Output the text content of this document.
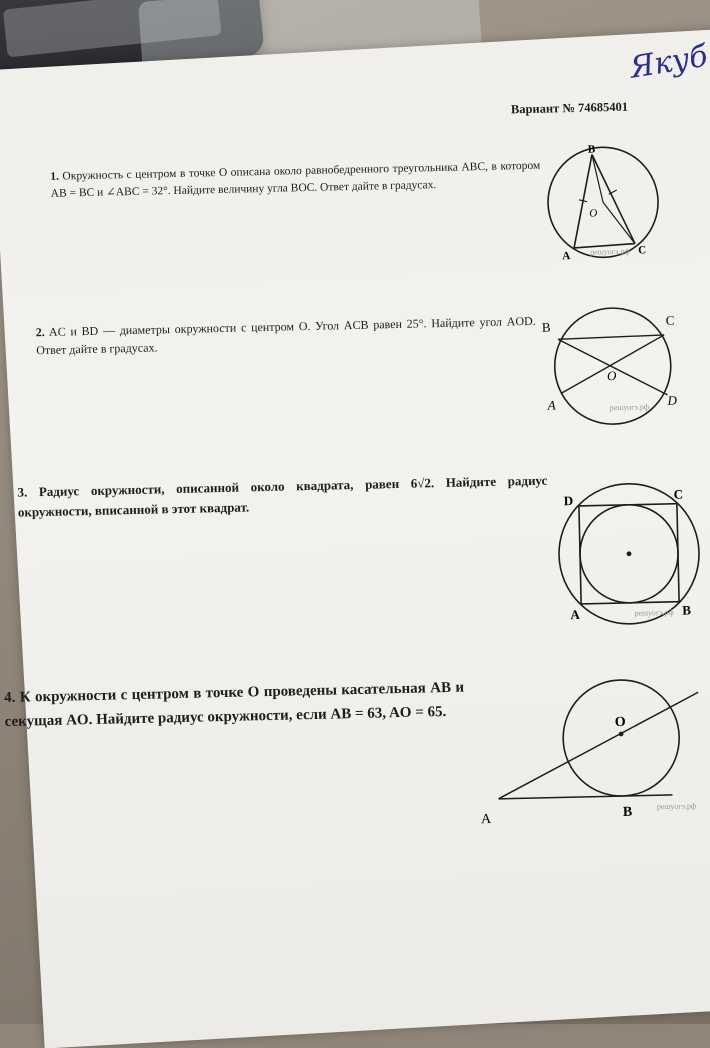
Якуб
Вариант № 74685401
1. Окружность с центром в точке O описана около равнобедренного треугольника ABC, в котором AB = BC и ∠ABC = 32°. Найдите величину угла BOC. Ответ дайте в градусах.
B
O
A	C
решуогэ.рф
2. AC и BD — диаметры окружности с центром O. Угол ACB равен 25°. Найдите угол AOD. Ответ дайте в градусах.
B	C
O
A	D
решуогэ.рф
3. Радиус окружности, описанной около квадрата, равен 6√2. Найдите радиус окружности, вписанной в этот квадрат.	D	C
A	B
решуогэ.рф
4. К окружности с центром в точке O проведены касательная AB и секущая AO. Найдите радиус окружности, если AB = 63, AO = 65.	O
A	B	решуогэ.рф
